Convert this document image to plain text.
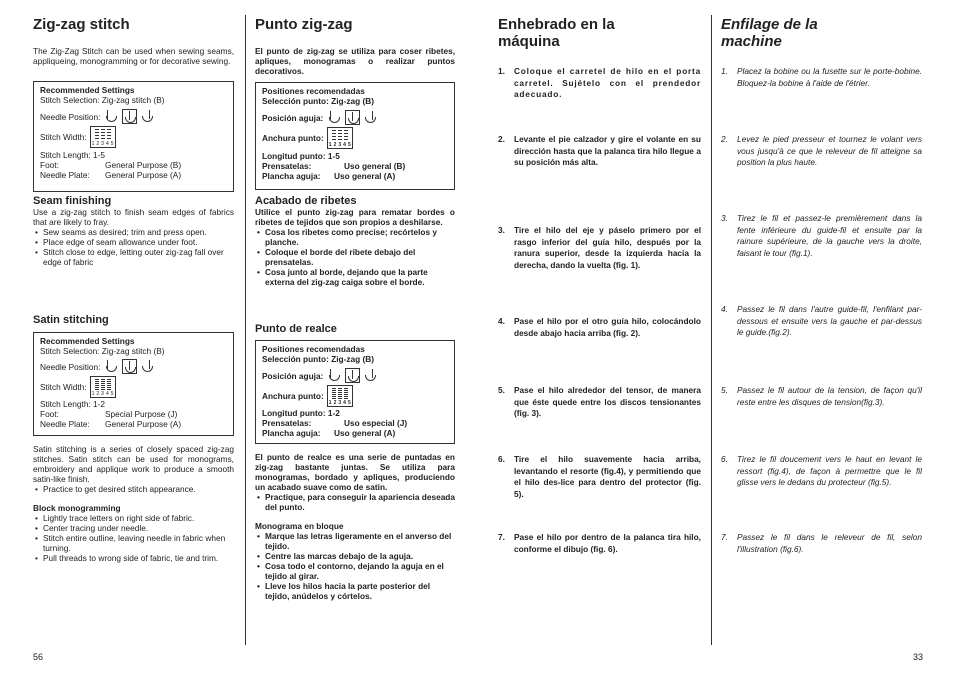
Zig-zag stitch

The Zig-Zag Stitch can be used when sewing seams, appliqueing, monogramming or for decorative sewing.

Recommended Settings
Stitch Selection: Zig-zag stitch (B)
Needle Position:
Stitch Width:
1 2 3 4 5
Stitch Length: 1-5
Foot:	General Purpose (B)
Needle Plate:	General Purpose (A)

Seam finishing

Use a zig-zag stitch to finish seam edges of fabrics that are likely to fray.

• Sew seams as desired; trim and press open.
• Place edge of seam allowance under foot.
• Stitch close to edge, letting outer zig-zag fall over edge of fabric

Satin stitching

Recommended Settings
Stitch Selection: Zig-zag stitch (B)
Needle Position:
Stitch Width:
1 2 3 4 5
Stitch Length: 1-2
Foot:	Special Purpose (J)
Needle Plate:	General Purpose (A)

Satin stitching is a series of closely spaced zig-zag stitches. Satin stitch can be used for monograms, embroidery and applique work to produce a smooth satin-like finish.

• Practice to get desired stitch appearance.

Block monogramming

• Lightly trace letters on right side of fabric.
• Center tracing under needle.
• Stitch entire outline, leaving needle in fabric when turning.
• Pull threads to wrong side of fabric, tie and trim.
56
Punto zig-zag

El punto de zig-zag se utiliza para coser ribetes, apliques, monogramas o realizar puntos decorativos.

Positiones recomendadas
Selección punto: Zig-zag (B)
Posición aguja:
Anchura punto:
1 2 3 4 5
Longitud punto: 1-5
Prensatelas:	Uso general (B)
Plancha aguja:	Uso general (A)

Acabado de ribetes

Utilice el punto zig-zag para rematar bordes o ribetes de tejidos que son propios a deshilarse.

• Cosa los ribetes como precise; recórtelos y planche.
• Coloque el borde del ribete debajo del prensatelas.
• Cosa junto al borde, dejando que la parte externa del zig-zag caiga sobre el borde.

Punto de realce

Positiones recomendadas
Selección punto: Zig-zag (B)
Posición aguja:
Anchura punto:
1 2 3 4 5
Longitud punto: 1-2
Prensatelas:	Uso especial (J)
Plancha aguja:	Uso general (A)

El punto de realce es una serie de puntadas en zig-zag bastante juntas. Se utiliza para monogramas, bordado y apliques, produciendo un acabado suave como de satin.

• Practique, para conseguir la apariencia deseada del punto.

Monograma en bloque

• Marque las letras ligeramente en el anverso del tejido.
• Centre las marcas debajo de la aguja.
• Cosa todo el contorno, dejando la aguja en el tejido al girar.
• Lleve los hilos hacia la parte posterior del tejido, anúdelos y córtelos.
Enhebrado en la
máquina
1.	Coloque el carretel de hilo en el porta carretel. Sujételo con el prendedor adecuado.
2.	Levante el pie calzador y gire el volante en su dirección hasta que la palanca tira hilo llegue a su posición más alta.
3.	Tire el hilo del eje y páselo primero por el rasgo inferior del guía hilo, después por la ranura superior, desde la izquierda hacia la derecha, dando la vuelta (fig. 1).
4.	Pase el hilo por el otro guía hilo, colocándolo desde abajo hacia arriba (fig. 2).
5.	Pase el hilo alrededor del tensor, de manera que éste quede entre los discos tensionantes (fig. 3).
6.	Tire el hilo suavemente hacia arriba, levantando el resorte (fig.4), y permitiendo que el hilo des-lice para dentro del protector (fig. 5).
7.	Pase el hilo por dentro de la palanca tira hilo, conforme el dibujo (fig. 6).
Enfilage de la
machine
1.	Placez la bobine ou la fusette sur le porte-bobine. Bloquez-la bobine à l'aide de l'étrier.
2.	Levez le pied presseur et tournez le volant vers vous jusqu'à ce que le releveur de fil atteigne sa position la plus haute.
3.	Tirez le fil et passez-le premièrement dans la fente inférieure du guide-fil et ensuite par la rainure supérieure, de la gauche vers la droite, faisant le tour (fig.1).
4.	Passez le fil dans l'autre guide-fil, l'enfilant par-dessous et ensuite vers la gauche et par-dessus le guide.(fig.2).
5.	Passez le fil autour de la tension, de façon qu'il reste entre les disques de tension(fig.3).
6.	Tirez le fil doucement vers le haut en levant le ressort (fig.4), de façon à permettre que le fil glisse vers le dedans du protecteur (fig.5).
7.	Passez le fil dans le releveur de fil, selon l'illustration (fig.6).
33
